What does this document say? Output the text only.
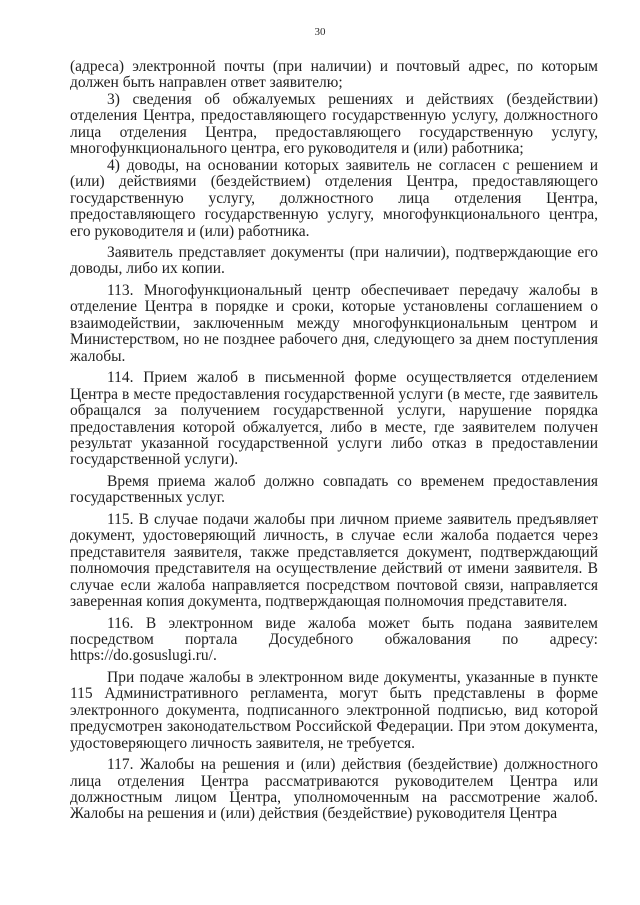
30

(адреса) электронной почты (при наличии) и почтовый адрес, по которым должен быть направлен ответ заявителю;

3) сведения об обжалуемых решениях и действиях (бездействии) отделения Центра, предоставляющего государственную услугу, должностного лица отделения Центра, предоставляющего государственную услугу, многофункционального центра, его руководителя и (или) работника;

4) доводы, на основании которых заявитель не согласен с решением и (или) действиями (бездействием) отделения Центра, предоставляющего государственную услугу, должностного лица отделения Центра, предоставляющего государственную услугу, многофункционального центра, его руководителя и (или) работника.

Заявитель представляет документы (при наличии), подтверждающие его доводы, либо их копии.

113. Многофункциональный центр обеспечивает передачу жалобы в отделение Центра в порядке и сроки, которые установлены соглашением о взаимодействии, заключенным между многофункциональным центром и Министерством, но не позднее рабочего дня, следующего за днем поступления жалобы.

114. Прием жалоб в письменной форме осуществляется отделением Центра в месте предоставления государственной услуги (в месте, где заявитель обращался за получением государственной услуги, нарушение порядка предоставления которой обжалуется, либо в месте, где заявителем получен результат указанной государственной услуги либо отказ в предоставлении государственной услуги).

Время приема жалоб должно совпадать со временем предоставления государственных услуг.

115. В случае подачи жалобы при личном приеме заявитель предъявляет документ, удостоверяющий личность, в случае если жалоба подается через представителя заявителя, также представляется документ, подтверждающий полномочия представителя на осуществление действий от имени заявителя. В случае если жалоба направляется посредством почтовой связи, направляется заверенная копия документа, подтверждающая полномочия представителя.

116. В электронном виде жалоба может быть подана заявителем посредством портала Досудебного обжалования по адресу: https://do.gosuslugi.ru/.

При подаче жалобы в электронном виде документы, указанные в пункте 115 Административного регламента, могут быть представлены в форме электронного документа, подписанного электронной подписью, вид которой предусмотрен законодательством Российской Федерации. При этом документа, удостоверяющего личность заявителя, не требуется.

117. Жалобы на решения и (или) действия (бездействие) должностного лица отделения Центра рассматриваются руководителем Центра или должностным лицом Центра, уполномоченным на рассмотрение жалоб. Жалобы на решения и (или) действия (бездействие) руководителя Центра
